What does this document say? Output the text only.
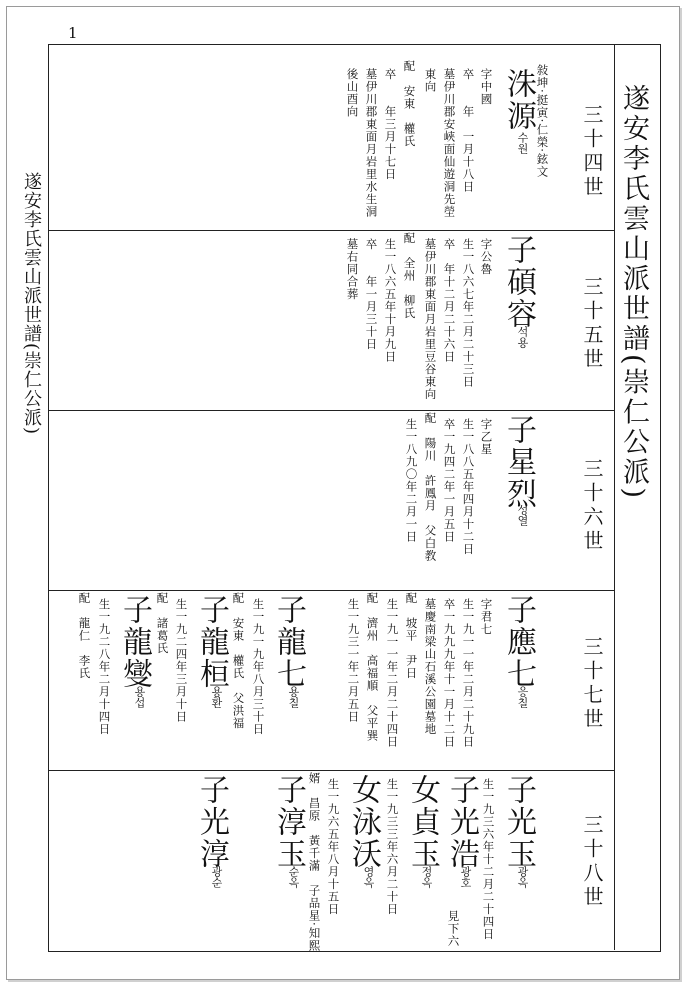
1
遂安李氏雲山派世譜(崇仁公派)
遂安李氏雲山派世譜(崇仁公派)
三十四世
洙源
수원 敍坤·挺寅·仁榮·鉉文
字中國
卒　　年　一月十八日
墓伊川郡安峽面仙遊洞先塋
東向
配　安東　權氏
卒　　年三月十七日
墓伊川郡東面月岩里水生洞
後山酉向
三十五世
子碩容
석용
字公魯
生一八六七年二月二十三日
卒　年十二月二十六日
墓伊川郡東面月岩里豆谷東向
配　全州　柳氏
生一八六五年十月九日
卒　　年一月三十日
墓右同合葬
三十六世
子星烈
성열
字乙星
生一八八五年四月十二日
卒一九四二年一月五日
配　陽川　許鳳月　父白教
生一八九〇年二月一日
三十七世
子應七
응칠
字君七
生一九一一年二月二十九日
卒一九九九年十一月十二日
墓慶南梁山石溪公園墓地
配　坡平　尹日
生一九一一年二月二十四日
配　濟州　高福順　父平巽
生一九三一年二月五日
子龍七
용칠
生一九一九年八月三十日
配　安東　權氏　父洪福
子龍桓
용환
生一九二四年三月十日
配　諸葛氏
子龍燮
용섭
生一九二八年二月十四日
配　龍仁　李氏
三十八世
子光玉
광옥
生一九三六年十二月二十四日
見下六
子光浩
광호
女貞玉
정옥
生一九三三年六月二十日
女泳沃
영옥
生一九六五年八月十五日
婿　昌原　黃千滿　子品星·知熙
子淳玉
순옥
子光淳
광순
